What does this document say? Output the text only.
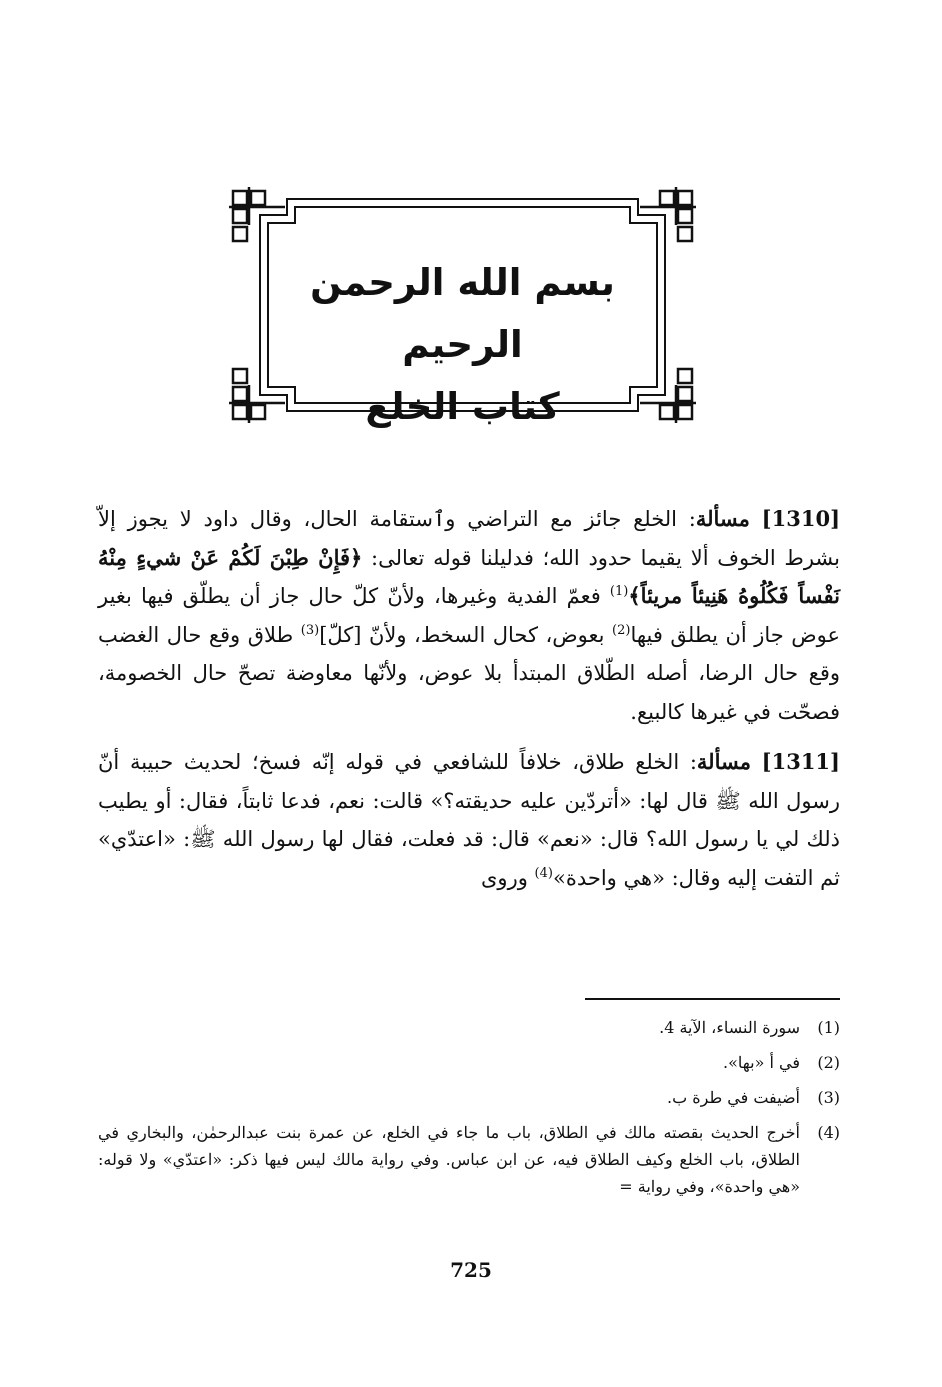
بسم الله الرحمن الرحيم
كتاب الخلع

[1310] مسألة: الخلع جائز مع التراضي وٱستقامة الحال، وقال داود لا يجوز إلاّ بشرط الخوف ألا يقيما حدود الله؛ فدليلنا قوله تعالى: ﴿فَإِنْ طِبْنَ لَكُمْ عَنْ شيءٍ مِنْهُ نَفْساً فَكُلُوهُ هَنِيئاً مريئاً﴾$^{(1)}$ فعمّ الفدية وغيرها، ولأنّ كلّ حال جاز أن يطلّق فيها بغير عوض جاز أن يطلق فيها$^{(2)}$ بعوض، كحال السخط، ولأنّ [كلّ]$^{(3)}$ طلاق وقع حال الغضب وقع حال الرضا، أصله الطّلاق المبتدأ بلا عوض، ولأنّها معاوضة تصحّ حال الخصومة، فصحّت في غيرها كالبيع.

[1311] مسألة: الخلع طلاق، خلافاً للشافعي في قوله إنّه فسخ؛ لحديث حبيبة أنّ رسول الله ﷺ قال لها: «أتردّين عليه حديقته؟» قالت: نعم، فدعا ثابتاً، فقال: أو يطيب ذلك لي يا رسول الله؟ قال: «نعم» قال: قد فعلت، فقال لها رسول الله ﷺ: «اعتدّي» ثم التفت إليه وقال: «هي واحدة»$^{(4)}$ وروى

(1)
سورة النساء، الآية 4.
(2)
في أ «بها».
(3)
أضيفت في طرة ب.
(4)
أخرج الحديث بقصته مالك في الطلاق، باب ما جاء في الخلع، عن عمرة بنت عبدالرحمٰن، والبخاري في الطلاق، باب الخلع وكيف الطلاق فيه، عن ابن عباس. وفي رواية مالك ليس فيها ذكر: «اعتدّي» ولا قوله: «هي واحدة»، وفي رواية =
725
